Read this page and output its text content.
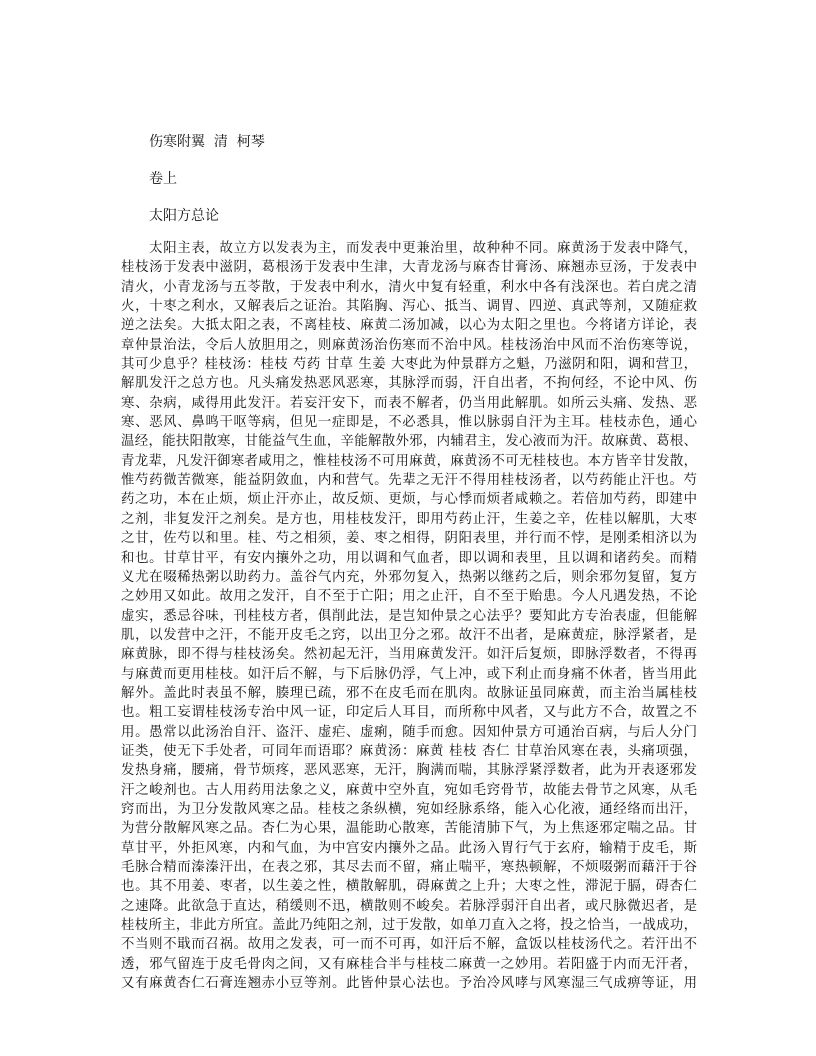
伤寒附翼  清  柯琴
卷上
太阳方总论
　　太阳主表，故立方以发表为主，而发表中更兼治里，故种种不同。麻黄汤于发表中降气，
桂枝汤于发表中滋阴，葛根汤于发表中生津，大青龙汤与麻杏甘膏汤、麻翘赤豆汤，于发表中
清火，小青龙汤与五苓散，于发表中利水，清火中复有轻重，利水中各有浅深也。若白虎之清
火，十枣之利水，又解表后之证治。其陷胸、泻心、抵当、调胃、四逆、真武等剂，又随症救
逆之法矣。大抵太阳之表，不离桂枝、麻黄二汤加减，以心为太阳之里也。今将诸方详论，表
章仲景治法，令后人放胆用之，则麻黄汤治伤寒而不治中风。桂枝汤治中风而不治伤寒等说，
其可少息乎？桂枝汤：桂枝 芍药 甘草 生姜 大枣此为仲景群方之魁，乃滋阴和阳，调和营卫，
解肌发汗之总方也。凡头痛发热恶风恶寒，其脉浮而弱，汗自出者，不拘何经，不论中风、伤
寒、杂病，咸得用此发汗。若妄汗安下，而表不解者，仍当用此解肌。如所云头痛、发热、恶
寒、恶风、鼻鸣干呕等病，但见一症即是，不必悉具，惟以脉弱自汗为主耳。桂枝赤色，通心
温经，能扶阳散寒，甘能益气生血，辛能解散外邪，内辅君主，发心液而为汗。故麻黄、葛根、
青龙辈，凡发汗御寒者咸用之，惟桂枝汤不可用麻黄，麻黄汤不可无桂枝也。本方皆辛甘发散，
惟芍药微苦微寒，能益阴敛血，内和营气。先辈之无汗不得用桂枝汤者，以芍药能止汗也。芍
药之功，本在止烦，烦止汗亦止，故反烦、更烦，与心悸而烦者咸赖之。若倍加芍药，即建中
之剂，非复发汗之剂矣。是方也，用桂枝发汗，即用芍药止汗，生姜之辛，佐桂以解肌，大枣
之甘，佐芍以和里。桂、芍之相须，姜、枣之相得，阴阳表里，并行而不悖，是刚柔相济以为
和也。甘草甘平，有安内攘外之功，用以调和气血者，即以调和表里，且以调和诸药矣。而精
义尤在啜稀热粥以助药力。盖谷气内充，外邪勿复入，热粥以继药之后，则余邪勿复留，复方
之妙用又如此。故用之发汗，自不至于亡阳；用之止汗，自不至于贻患。今人凡遇发热，不论
虚实，悉忌谷味，刊桂枝方者，俱削此法，是岂知仲景之心法乎？要知此方专治表虚，但能解
肌，以发营中之汗，不能开皮毛之窍，以出卫分之邪。故汗不出者，是麻黄症，脉浮紧者，是
麻黄脉，即不得与桂枝汤矣。然初起无汗，当用麻黄发汗。如汗后复烦，即脉浮数者，不得再
与麻黄而更用桂枝。如汗后不解，与下后脉仍浮，气上冲，或下利止而身痛不休者，皆当用此
解外。盖此时表虽不解，腠理已疏，邪不在皮毛而在肌肉。故脉证虽同麻黄，而主治当属桂枝
也。粗工妄谓桂枝汤专治中风一证，印定后人耳目，而所称中风者，又与此方不合，故置之不
用。愚常以此汤治自汗、盗汗、虚疟、虚痢，随手而愈。因知仲景方可通治百病，与后人分门
证类，使无下手处者，可同年而语耶？麻黄汤：麻黄 桂枝 杏仁 甘草治风寒在表，头痛项强，
发热身痛，腰痛，骨节烦疼，恶风恶寒，无汗，胸满而喘，其脉浮紧浮数者，此为开表逐邪发
汗之峻剂也。古人用药用法象之义，麻黄中空外直，宛如毛窍骨节，故能去骨节之风寒，从毛
窍而出，为卫分发散风寒之品。桂枝之条纵横，宛如经脉系络，能入心化液，通经络而出汗，
为营分散解风寒之品。杏仁为心果，温能助心散寒，苦能清肺下气，为上焦逐邪定喘之品。甘
草甘平，外拒风寒，内和气血，为中宫安内攘外之品。此汤入胃行气于玄府，输精于皮毛，斯
毛脉合精而溱溱汗出，在表之邪，其尽去而不留，痛止喘平，寒热顿解，不烦啜粥而藉汗于谷
也。其不用姜、枣者，以生姜之性，横散解肌，碍麻黄之上升；大枣之性，滞泥于膈，碍杏仁
之速降。此欲急于直达，稍缓则不迅，横散则不峻矣。若脉浮弱汗自出者，或尺脉微迟者，是
桂枝所主，非此方所宜。盖此乃纯阳之剂，过于发散，如单刀直入之将，投之恰当，一战成功，
不当则不戢而召祸。故用之发表，可一而不可再，如汗后不解，盒饭以桂枝汤代之。若汗出不
透，邪气留连于皮毛骨肉之间，又有麻桂合半与桂枝二麻黄一之妙用。若阳盛于内而无汗者，
又有麻黄杏仁石膏连翘赤小豆等剂。此皆仲景心法也。予治冷风哮与风寒湿三气成痹等证，用
